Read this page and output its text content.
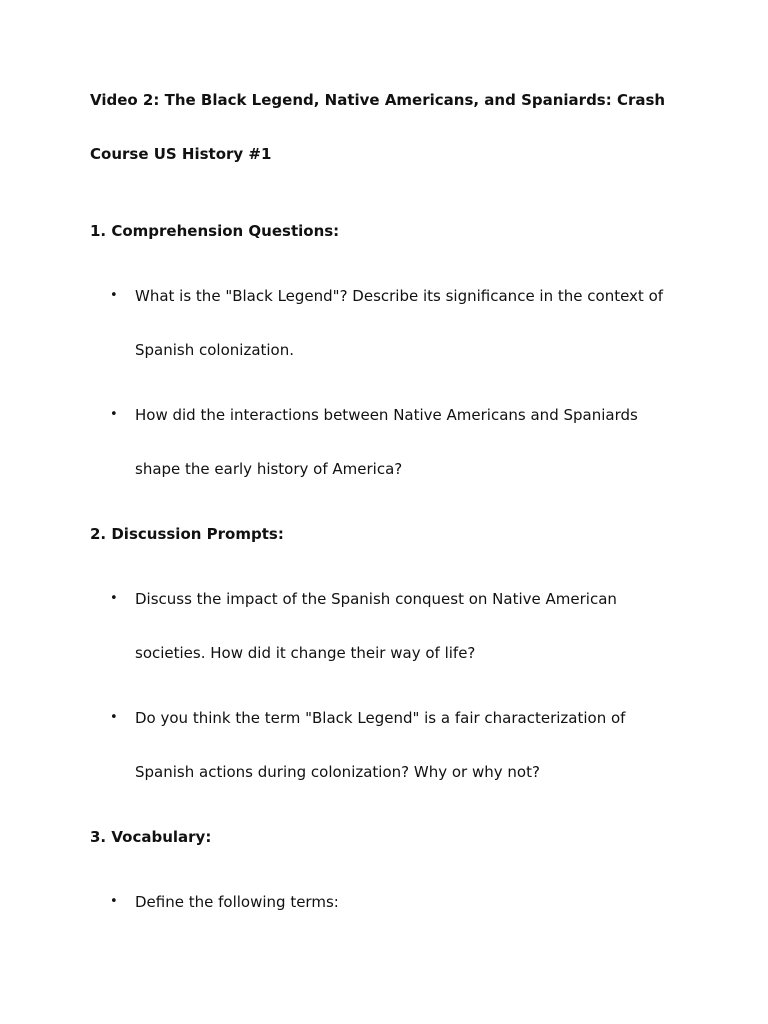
Video 2: The Black Legend, Native Americans, and Spaniards: Crash Course US History #1

1. Comprehension Questions:

• What is the "Black Legend"? Describe its significance in the context of Spanish colonization.
• How did the interactions between Native Americans and Spaniards shape the early history of America?

2. Discussion Prompts:

• Discuss the impact of the Spanish conquest on Native American societies. How did it change their way of life?
• Do you think the term "Black Legend" is a fair characterization of Spanish actions during colonization? Why or why not?

3. Vocabulary:

• Define the following terms:
